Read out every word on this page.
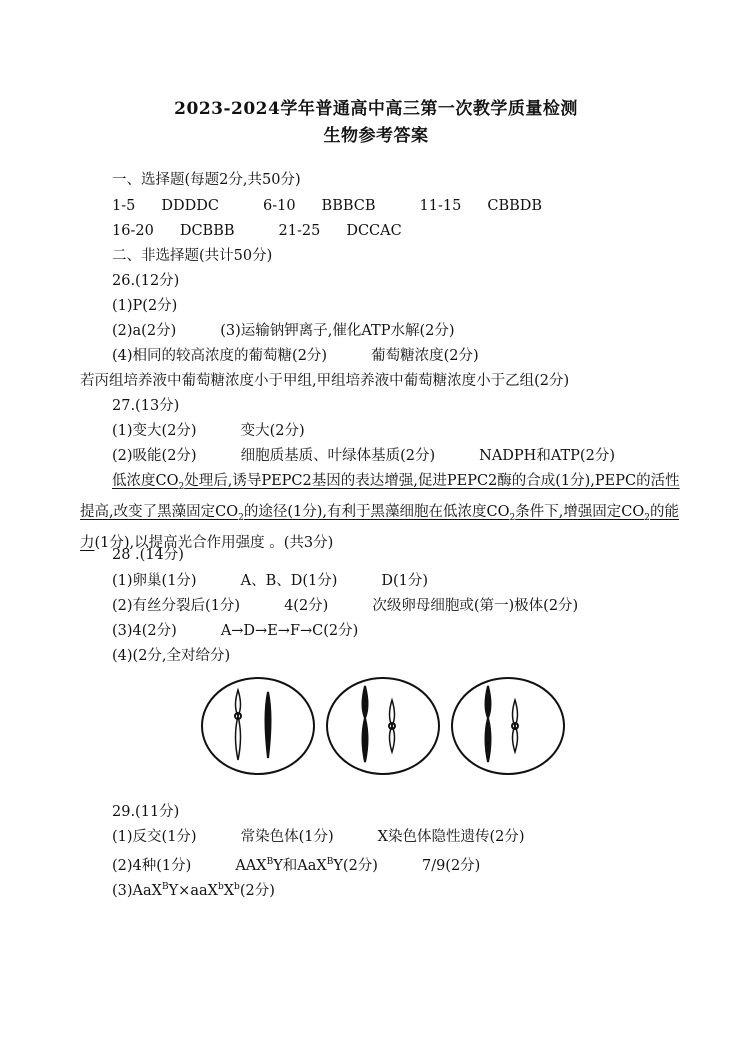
2023-2024学年普通高中高三第一次教学质量检测
生物参考答案
一、选择题(每题2分,共50分)
1-5 DDDDC	6-10 BBBCB	11-15 CBBDB
16-20 DCBBB	21-25 DCCAC
二、非选择题(共计50分)
26.(12分)
(1)P(2分)
(2)a(2分)	(3)运输钠钾离子,催化ATP水解(2分)
(4)相同的较高浓度的葡萄糖(2分)	葡萄糖浓度(2分)
若丙组培养液中葡萄糖浓度小于甲组,甲组培养液中葡萄糖浓度小于乙组(2分)
27.(13分)
(1)变大(2分)	变大(2分)
(2)吸能(2分)	细胞质基质、叶绿体基质(2分)	NADPH和ATP(2分)
低浓度$CO_2$处理后,诱导PEPC2基因的表达增强,促进PEPC2酶的合成(1分),PEPC的活性提高,改变了黑藻固定$CO_2$的途径(1分),有利于黑藻细胞在低浓度$CO_2$条件下,增强固定$CO_2$的能力(1分),以提高光合作用强度 。(共3分)
28 .(14分)
(1)卵巢(1分)	A、B、D(1分)	D(1分)
(2)有丝分裂后(1分)	4(2分)	次级卵母细胞或(第一)极体(2分)
(3)4(2分)	A→D→E→F→C(2分)
(4)(2分,全对给分)
29.(11分)
(1)反交(1分)	常染色体(1分)	X染色体隐性遗传(2分)
(2)4种(1分)	$AAX^BY$和AaX$^B$Y(2分)	7/9(2分)
$(3)AaX^BY\times aaX^bX^b(2$分)
